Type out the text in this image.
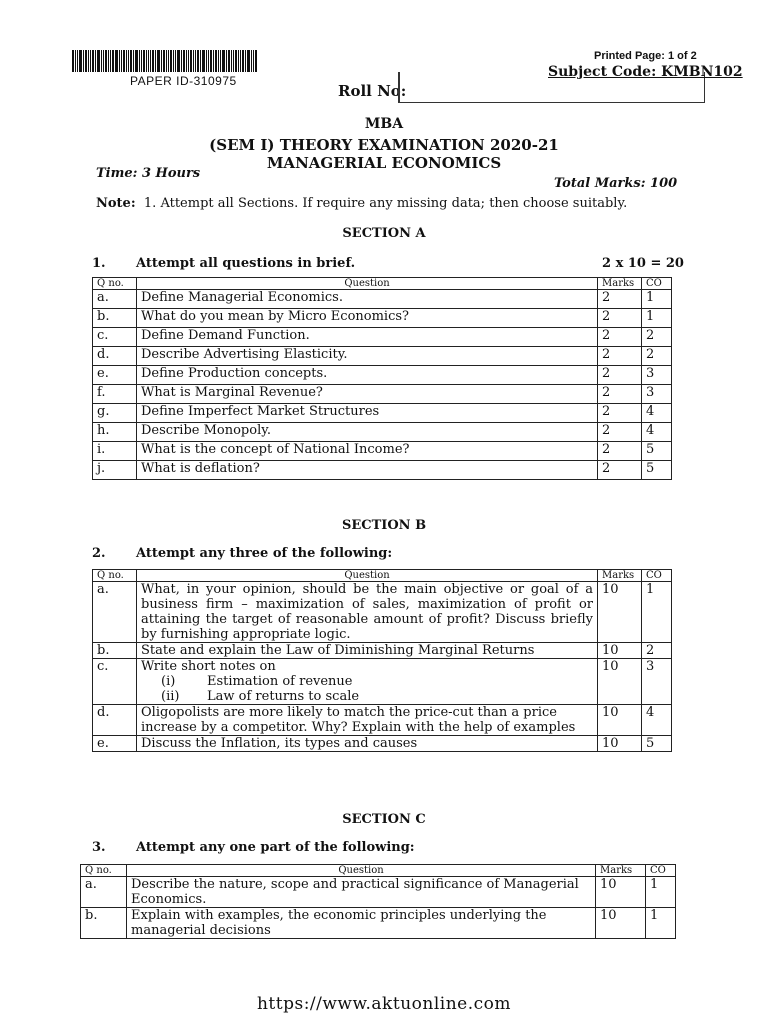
PAPER ID-310975
Roll No:
Printed Page: 1 of 2
Subject Code: KMBN102
MBA
(SEM I) THEORY EXAMINATION 2020-21
MANAGERIAL ECONOMICS
Time: 3 Hours
Total Marks: 100
Note: 1. Attempt all Sections. If require any missing data; then choose suitably.
SECTION A
1. Attempt all questions in brief.	2 x 10 = 20
Q no.	Question	Marks	CO
a.	Define Managerial Economics.	2	1
b.	What do you mean by Micro Economics?	2	1
c.	Define Demand Function.	2	2
d.	Describe Advertising Elasticity.	2	2
e.	Define Production concepts.	2	3
f.	What is Marginal Revenue?	2	3
g.	Define Imperfect Market Structures	2	4
h.	Describe Monopoly.	2	4
i.	What is the concept of National Income?	2	5
j.	What is deflation?	2	5
SECTION B
2. Attempt any three of the following:
Q no.	Question	Marks	CO
a.	What, in your opinion, should be the main objective or goal of a business firm – maximization of sales, maximization of profit or attaining the target of reasonable amount of profit? Discuss briefly by furnishing appropriate logic.	10	1
b.	State and explain the Law of Diminishing Marginal Returns	10	2
c.	Write short notes on
(i) Estimation of revenue
(ii) Law of returns to scale	10	3
d.	Oligopolists are more likely to match the price-cut than a price increase by a competitor. Why? Explain with the help of examples	10	4
e.	Discuss the Inflation, its types and causes	10	5
SECTION C
3. Attempt any one part of the following:
Q no.	Question	Marks	CO
a.	Describe the nature, scope and practical significance of Managerial Economics.	10	1
b.	Explain with examples, the economic principles underlying the managerial decisions	10	1
https://www.aktuonline.com
